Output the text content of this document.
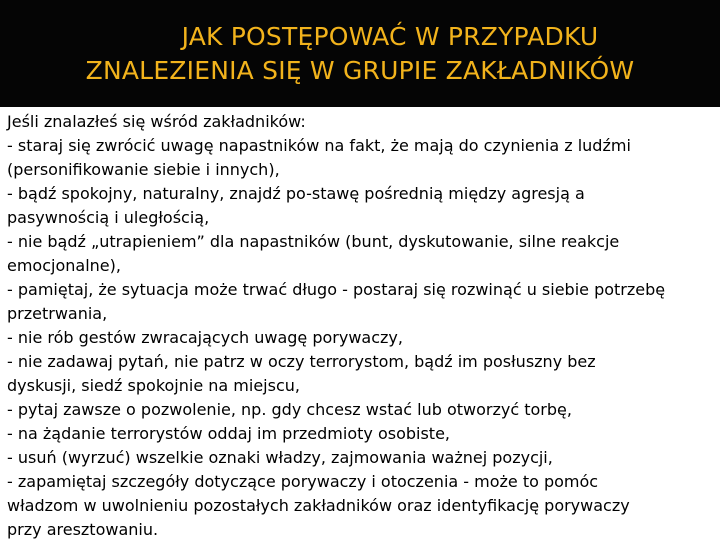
JAK POSTĘPOWAĆ W PRZYPADKU
ZNALEZIENIA SIĘ W GRUPIE ZAKŁADNIKÓW
Jeśli znalazłeś się wśród zakładników:
- staraj się zwrócić uwagę napastników na fakt, że mają do czynienia z ludźmi
(personifikowanie siebie i innych),
- bądź spokojny, naturalny, znajdź po-stawę pośrednią między agresją a
pasywnością i uległością,
- nie bądź „utrapieniem” dla napastników (bunt, dyskutowanie, silne reakcje
emocjonalne),
- pamiętaj, że sytuacja może trwać długo - postaraj się rozwinąć u siebie potrzebę
przetrwania,
- nie rób gestów zwracających uwagę porywaczy,
- nie zadawaj pytań, nie patrz w oczy terrorystom, bądź im posłuszny bez
dyskusji, siedź spokojnie na miejscu,
- pytaj zawsze o pozwolenie, np. gdy chcesz wstać lub otworzyć torbę,
- na żądanie terrorystów oddaj im przedmioty osobiste,
- usuń (wyrzuć) wszelkie oznaki władzy, zajmowania ważnej pozycji,
- zapamiętaj szczegóły dotyczące porywaczy i otoczenia - może to pomóc
władzom w uwolnieniu pozostałych zakładników oraz identyfikację porywaczy
przy aresztowaniu.
